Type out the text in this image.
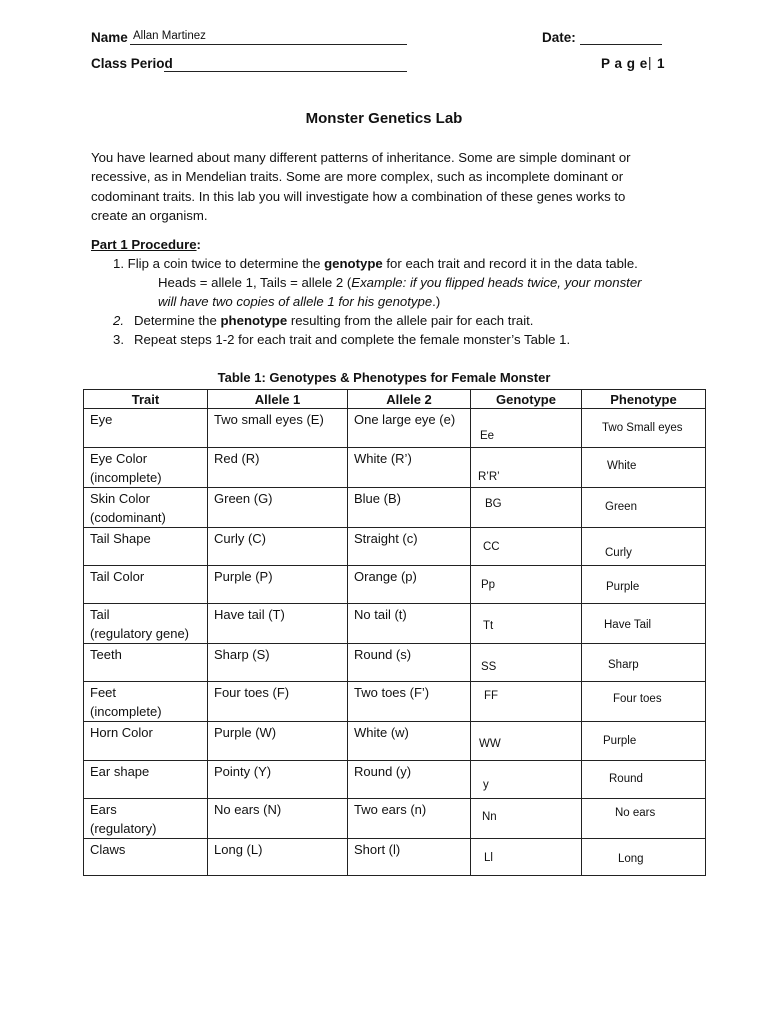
Name Allan Martinez	Date:
Class Period	P a g e | 1
Monster Genetics Lab
You have learned about many different patterns of inheritance. Some are simple dominant or
recessive, as in Mendelian traits. Some are more complex, such as incomplete dominant or
codominant traits. In this lab you will investigate how a combination of these genes works to
create an organism.
Part 1 Procedure:
1. Flip a coin twice to determine the genotype for each trait and record it in the data table.
Heads = allele 1, Tails = allele 2 (Example: if you flipped heads twice, your monster
will have two copies of allele 1 for his genotype.)
2. Determine the phenotype resulting from the allele pair for each trait.
3. Repeat steps 1-2 for each trait and complete the female monster’s Table 1.
Table 1: Genotypes & Phenotypes for Female Monster
Trait	Allele 1	Allele 2	Genotype	Phenotype

Eye	Two small eyes (E)	One large eye (e)	Ee	Two Small eyes

Eye Color
(incomplete)	Red (R)	White (R’)	R’R’	White

Skin Color
(codominant)	Green (G)	Blue (B)	BG	Green

Tail Shape	Curly (C)	Straight (c)	CC	Curly

Tail Color	Purple (P)	Orange (p)	Pp	Purple

Tail
(regulatory gene)	Have tail (T)	No tail (t)	Tt	Have Tail

Teeth	Sharp (S)	Round (s)	SS	Sharp

Feet
(incomplete)	Four toes (F)	Two toes (F’)	FF	Four toes

Horn Color	Purple (W)	White (w)	WW	Purple

Ear shape	Pointy (Y)	Round (y)	y	Round

Ears
(regulatory)	No ears (N)	Two ears (n)	Nn	No ears

Claws	Long (L)	Short (l)	Ll	Long
